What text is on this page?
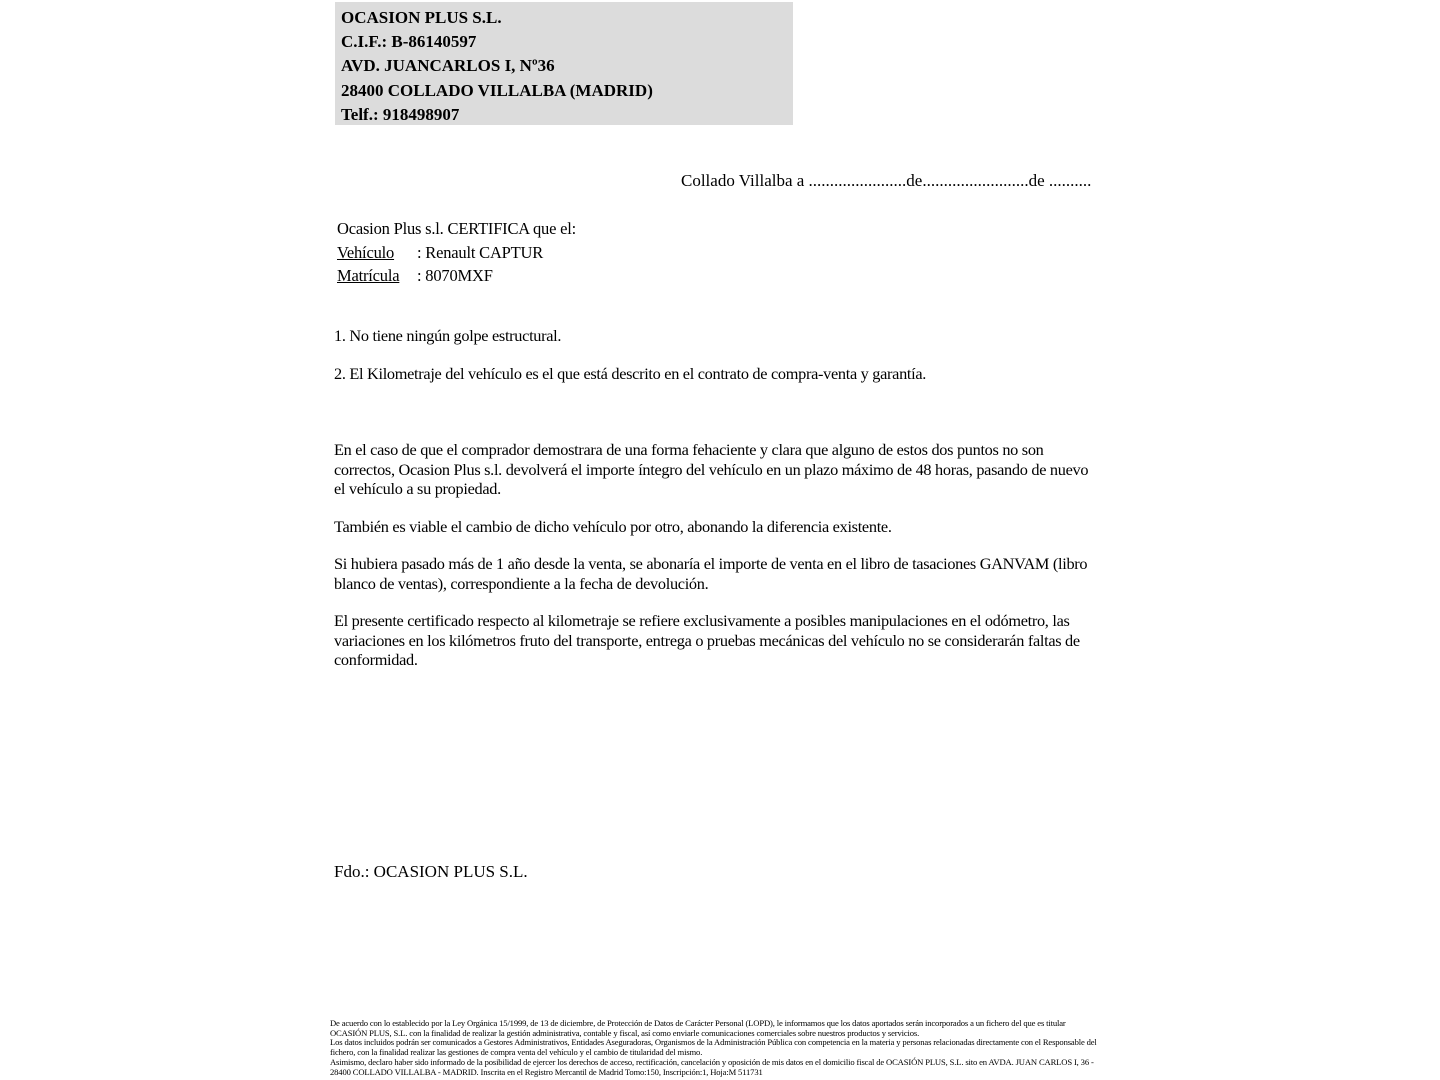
OCASION PLUS S.L.
C.I.F.: B-86140597
AVD. JUANCARLOS I, Nº36
28400 COLLADO VILLALBA (MADRID)
Telf.: 918498907
Collado Villalba a .......................de.........................de ..........
Ocasion Plus s.l. CERTIFICA que el:
Vehículo : Renault CAPTUR
Matrícula : 8070MXF
1. No tiene ningún golpe estructural.
2. El Kilometraje del vehículo es el que está descrito en el contrato de compra-venta y garantía.

En el caso de que el comprador demostrara de una forma fehaciente y clara que alguno de estos dos puntos no son correctos, Ocasion Plus s.l. devolverá el importe íntegro del vehículo en un plazo máximo de 48 horas, pasando de nuevo el vehículo a su propiedad.

También es viable el cambio de dicho vehículo por otro, abonando la diferencia existente.

Si hubiera pasado más de 1 año desde la venta, se abonaría el importe de venta en el libro de tasaciones GANVAM (libro blanco de ventas), correspondiente a la fecha de devolución.

El presente certificado respecto al kilometraje se refiere exclusivamente a posibles manipulaciones en el odómetro, las variaciones en los kilómetros fruto del transporte, entrega o pruebas mecánicas del vehículo no se considerarán faltas de conformidad.

Fdo.: OCASION PLUS S.L.

De acuerdo con lo establecido por la Ley Orgánica 15/1999, de 13 de diciembre, de Protección de Datos de Carácter Personal (LOPD), le informamos que los datos aportados serán incorporados a un fichero del que es titular OCASIÓN PLUS, S.L. con la finalidad de realizar la gestión administrativa, contable y fiscal, así como enviarle comunicaciones comerciales sobre nuestros productos y servicios.

Los datos incluidos podrán ser comunicados a Gestores Administrativos, Entidades Aseguradoras, Organismos de la Administración Pública con competencia en la materia y personas relacionadas directamente con el Responsable del fichero, con la finalidad realizar las gestiones de compra venta del vehículo y el cambio de titularidad del mismo.

Asimismo, declaro haber sido informado de la posibilidad de ejercer los derechos de acceso, rectificación, cancelación y oposición de mis datos en el domicilio fiscal de OCASIÓN PLUS, S.L. sito en AVDA. JUAN CARLOS I, 36 - 28400 COLLADO VILLALBA - MADRID. Inscrita en el Registro Mercantil de Madrid Tomo:150, Inscripción:1, Hoja:M 511731
